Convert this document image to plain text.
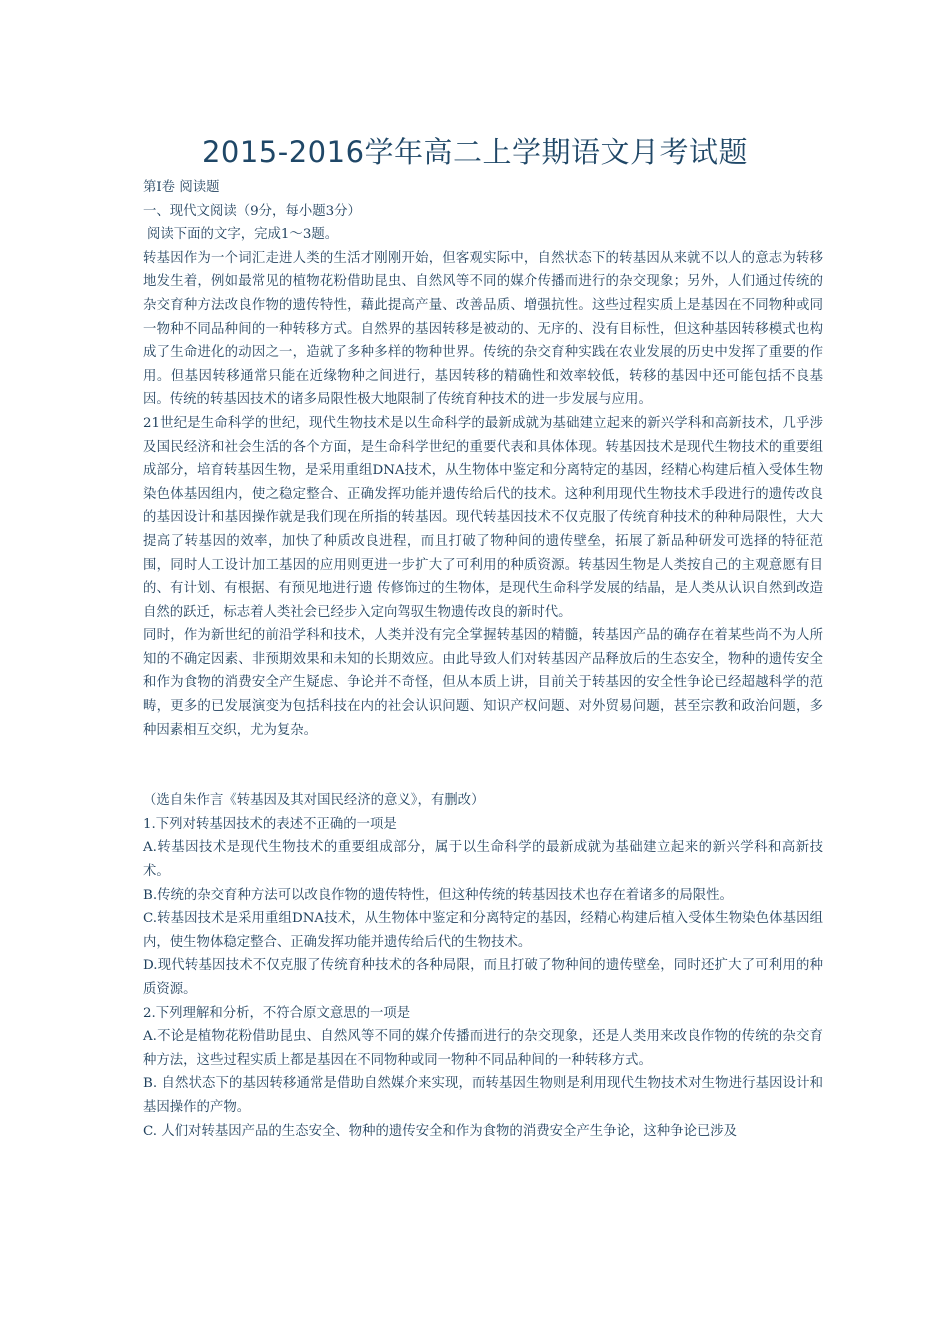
2015-2016学年高二上学期语文月考试题

第Ⅰ卷 阅读题

一、现代文阅读（9分，每小题3分）

阅读下面的文字，完成1～3题。

转基因作为一个词汇走进人类的生活才刚刚开始，但客观实际中，自然状态下的转基因从来就不以人的意志为转移地发生着，例如最常见的植物花粉借助昆虫、自然风等不同的媒介传播而进行的杂交现象；另外，人们通过传统的杂交育种方法改良作物的遗传特性，藉此提高产量、改善品质、增强抗性。这些过程实质上是基因在不同物种或同一物种不同品种间的一种转移方式。自然界的基因转移是被动的、无序的、没有目标性，但这种基因转移模式也构成了生命进化的动因之一，造就了多种多样的物种世界。传统的杂交育种实践在农业发展的历史中发挥了重要的作用。但基因转移通常只能在近缘物种之间进行，基因转移的精确性和效率较低，转移的基因中还可能包括不良基因。传统的转基因技术的诸多局限性极大地限制了传统育种技术的进一步发展与应用。

21世纪是生命科学的世纪，现代生物技术是以生命科学的最新成就为基础建立起来的新兴学科和高新技术，几乎涉及国民经济和社会生活的各个方面，是生命科学世纪的重要代表和具体体现。转基因技术是现代生物技术的重要组成部分，培育转基因生物，是采用重组DNA技术，从生物体中鉴定和分离特定的基因，经精心构建后植入受体生物染色体基因组内，使之稳定整合、正确发挥功能并遗传给后代的技术。这种利用现代生物技术手段进行的遗传改良的基因设计和基因操作就是我们现在所指的转基因。现代转基因技术不仅克服了传统育种技术的种种局限性，大大提高了转基因的效率，加快了种质改良进程，而且打破了物种间的遗传壁垒，拓展了新品种研发可选择的特征范围，同时人工设计加工基因的应用则更进一步扩大了可利用的种质资源。转基因生物是人类按自己的主观意愿有目的、有计划、有根据、有预见地进行遗 传修饰过的生物体，是现代生命科学发展的结晶，是人类从认识自然到改造自然的跃迁，标志着人类社会已经步入定向驾驭生物遗传改良的新时代。

同时，作为新世纪的前沿学科和技术，人类并没有完全掌握转基因的精髓，转基因产品的确存在着某些尚不为人所知的不确定因素、非预期效果和未知的长期效应。由此导致人们对转基因产品释放后的生态安全，物种的遗传安全和作为食物的消费安全产生疑虑、争论并不奇怪，但从本质上讲，目前关于转基因的安全性争论已经超越科学的范畴，更多的已发展演变为包括科技在内的社会认识问题、知识产权问题、对外贸易问题，甚至宗教和政治问题，多种因素相互交织，尤为复杂。

（选自朱作言《转基因及其对国民经济的意义》，有删改）

1.下列对转基因技术的表述不正确的一项是

A.转基因技术是现代生物技术的重要组成部分，属于以生命科学的最新成就为基础建立起来的新兴学科和高新技术。

B.传统的杂交育种方法可以改良作物的遗传特性，但这种传统的转基因技术也存在着诸多的局限性。

C.转基因技术是采用重组DNA技术，从生物体中鉴定和分离特定的基因，经精心构建后植入受体生物染色体基因组内，使生物体稳定整合、正确发挥功能并遗传给后代的生物技术。

D.现代转基因技术不仅克服了传统育种技术的各种局限，而且打破了物种间的遗传壁垒，同时还扩大了可利用的种质资源。

2.下列理解和分析，不符合原文意思的一项是

A.不论是植物花粉借助昆虫、自然风等不同的媒介传播而进行的杂交现象，还是人类用来改良作物的传统的杂交育种方法，这些过程实质上都是基因在不同物种或同一物种不同品种间的一种转移方式。

B. 自然状态下的基因转移通常是借助自然媒介来实现，而转基因生物则是利用现代生物技术对生物进行基因设计和基因操作的产物。

C. 人们对转基因产品的生态安全、物种的遗传安全和作为食物的消费安全产生争论，这种争论已涉及
